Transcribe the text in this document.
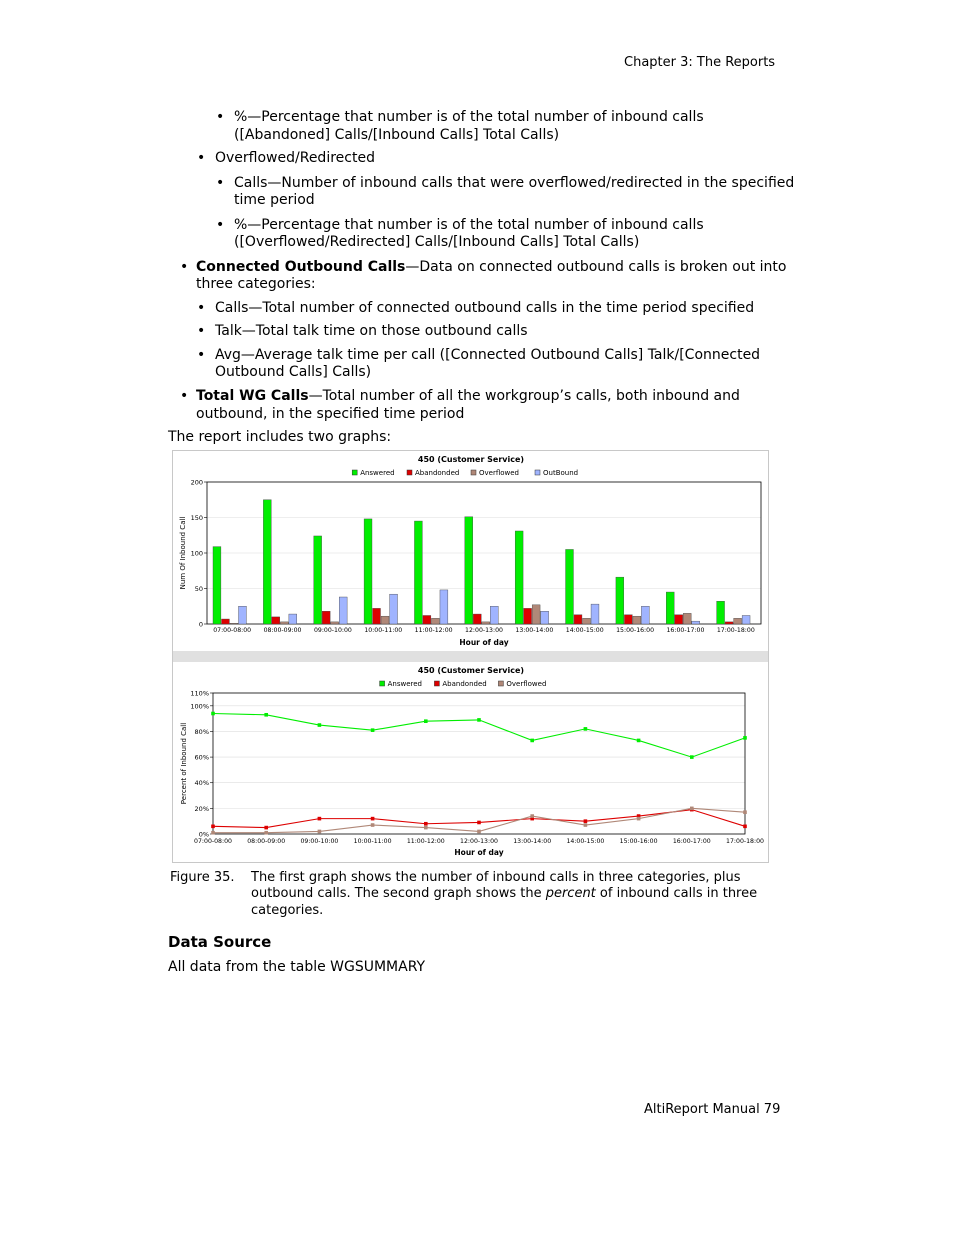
Chapter 3: The Reports
• %—Percentage that number is of the total number of inbound calls
([Abandoned] Calls/[Inbound Calls] Total Calls)
• Overflowed/Redirected
• Calls—Number of inbound calls that were overflowed/redirected in the specified
time period
• %—Percentage that number is of the total number of inbound calls
([Overflowed/Redirected] Calls/[Inbound Calls] Total Calls)
• Connected Outbound Calls—Data on connected outbound calls is broken out into
three categories:
• Calls—Total number of connected outbound calls in the time period specified
• Talk—Total talk time on those outbound calls
• Avg—Average talk time per call ([Connected Outbound Calls] Talk/[Connected
Outbound Calls] Calls)
• Total WG Calls—Total number of all the workgroup’s calls, both inbound and
outbound, in the specified time period
The report includes two graphs:
450 (Customer Service)
Answered	Abandonded	Overflowed	OutBound
0
50
100
150
200
07:00-08:00 08:00-09:00 09:00-10:00 10:00-11:00 11:00-12:00 12:00-13:00 13:00-14:00 14:00-15:00 15:00-16:00 16:00-17:00 17:00-18:00
Hour of day
Num Of Inbound Call
450 (Customer Service)
Answered	Abandonded	Overflowed
0%
20%
40%
60%
80%
100%
110%
07:00-08:00 08:00-09:00 09:00-10:00 10:00-11:00 11:00-12:00 12:00-13:00 13:00-14:00 14:00-15:00 15:00-16:00 16:00-17:00 17:00-18:00
Hour of day
Percent of Inbound Call
Figure 35. The first graph shows the number of inbound calls in three categories, plus
outbound calls. The second graph shows the percent of inbound calls in three
categories.
Data Source
All data from the table WGSUMMARY
AltiReport Manual 79
